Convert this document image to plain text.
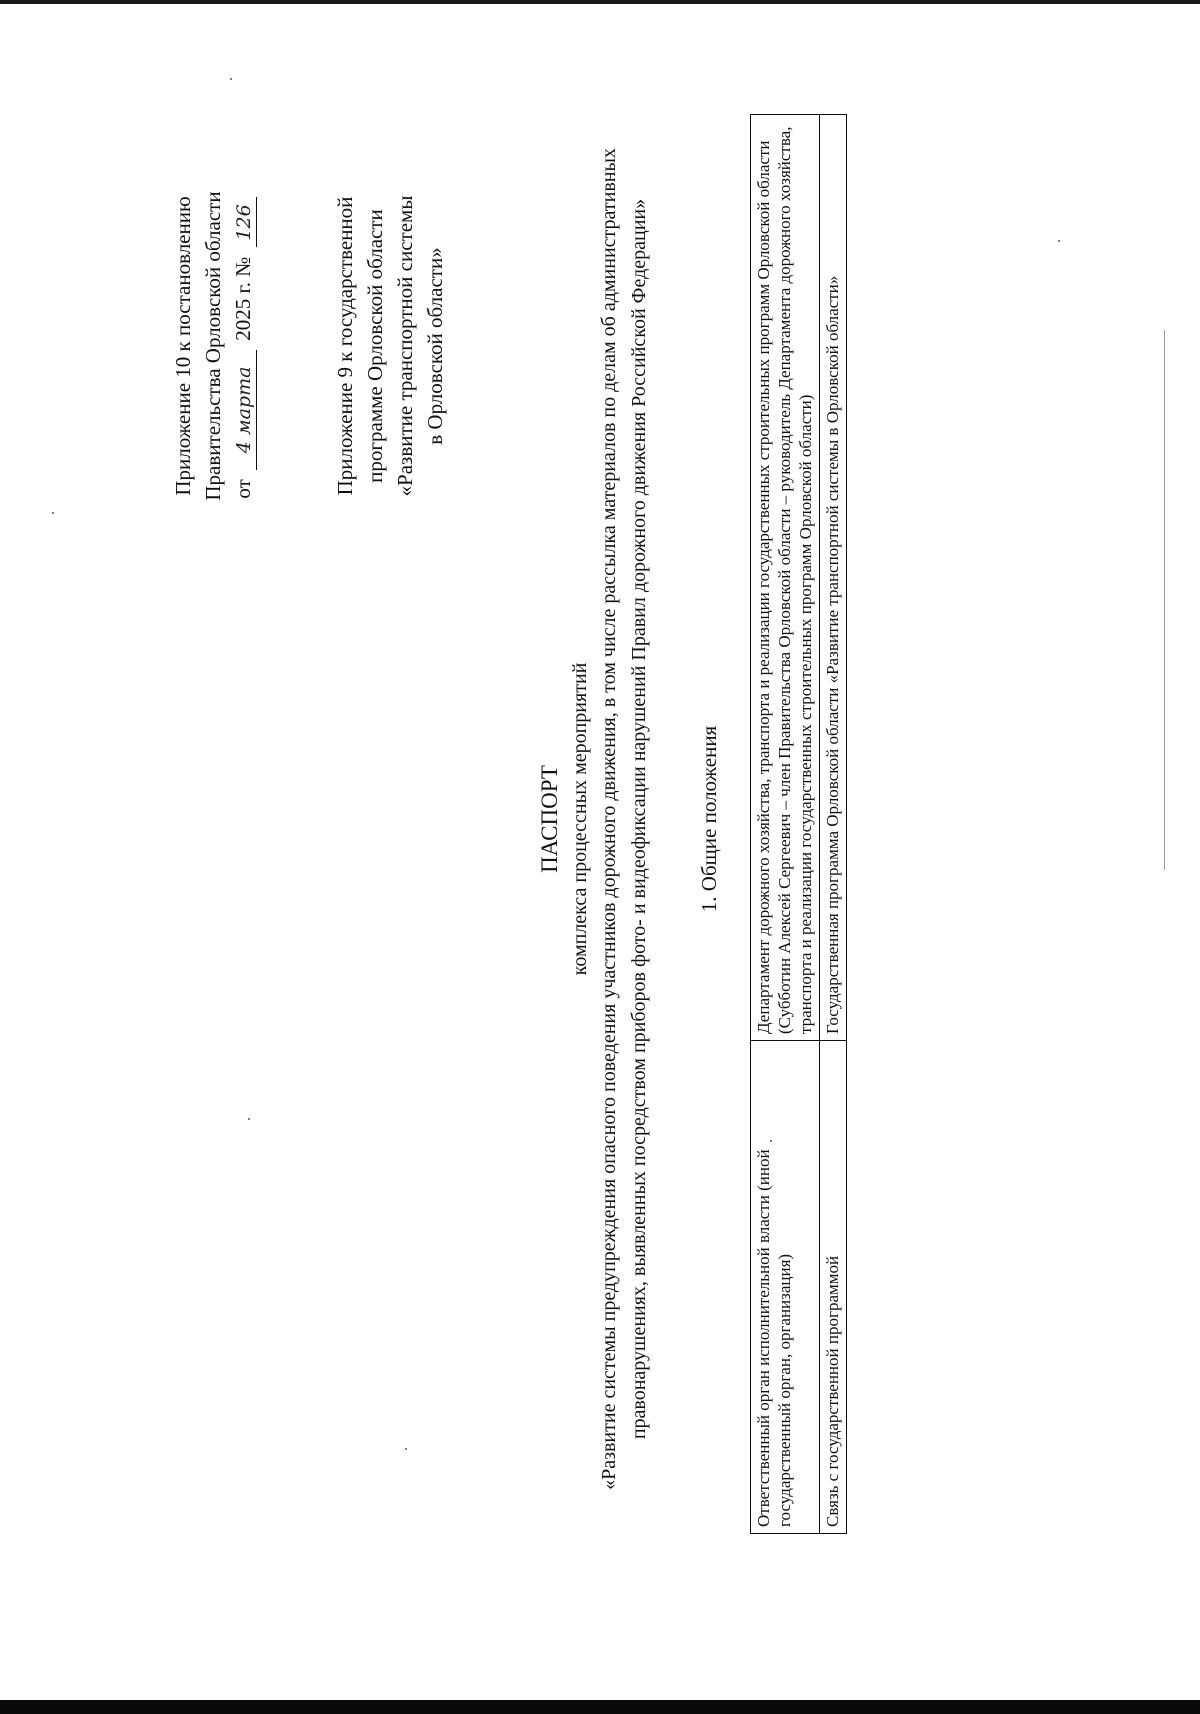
Приложение 10 к постановлению Правительства Орловской области от 4 марта 2025 г. № 126	Приложение 9 к государственной программе Орловской области «Развитие транспортной системы в Орловской области»
ПАСПОРТ комплекса процессных мероприятий «Развитие системы предупреждения опасного поведения участников дорожного движения, в том числе рассылка материалов по делам об административных правонарушениях, выявленных посредством приборов фото- и видеофиксации нарушений Правил дорожного движения Российской Федерации» 1. Общие положения
Ответственный орган исполнительной власти (иной государственный орган, организация)	Департамент дорожного хозяйства, транспорта и реализации государственных строительных программ Орловской области (Субботин Алексей Сергеевич – член Правительства Орловской области – руководитель Департамента дорожного хозяйства, транспорта и реализации государственных строительных программ Орловской области)
Связь с государственной программой	Государственная программа Орловской области «Развитие транспортной системы в Орловской области»
